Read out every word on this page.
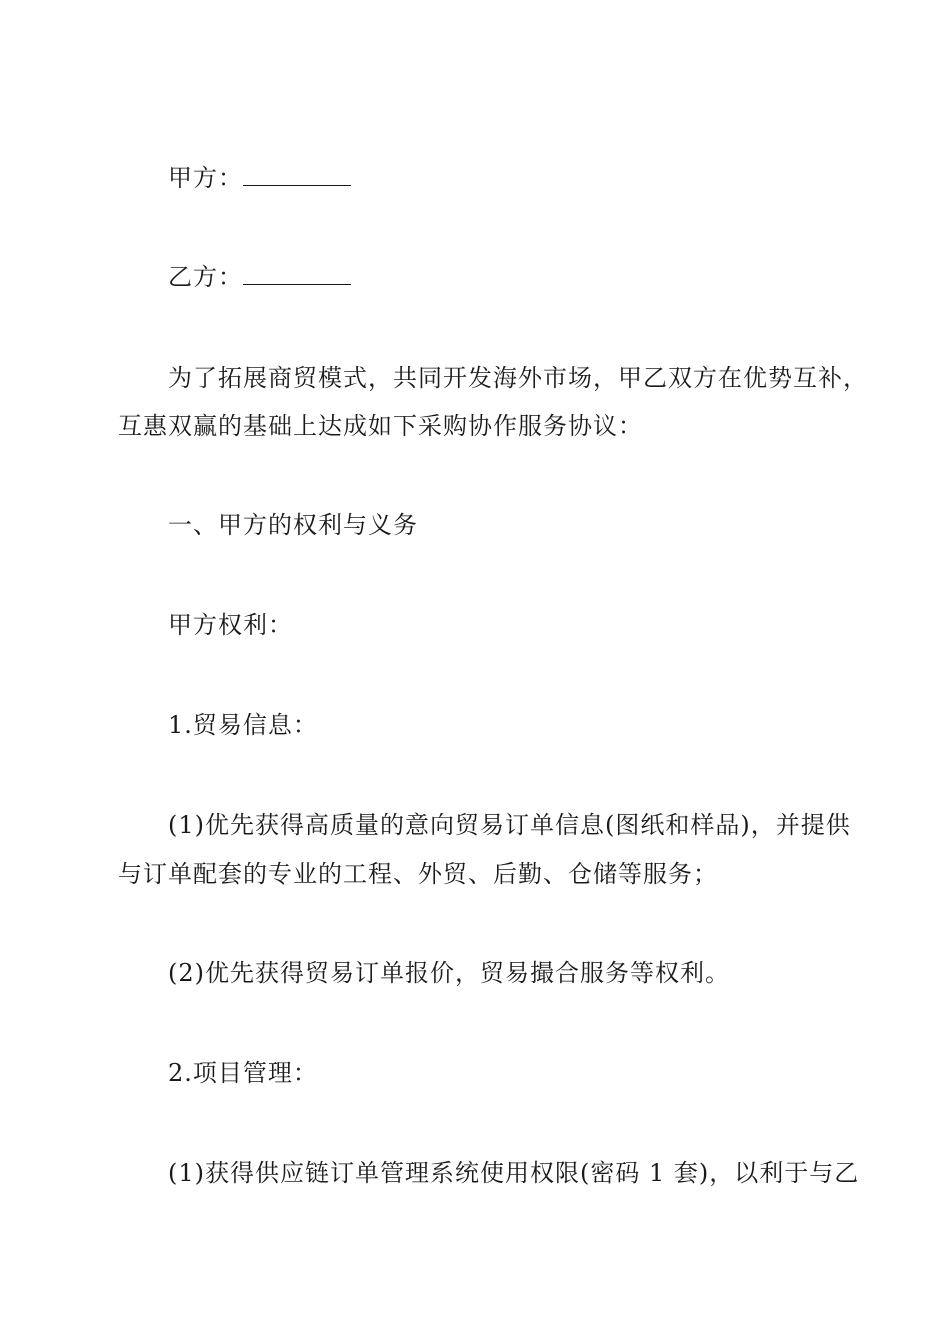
甲方：
乙方：
为了拓展商贸模式，共同开发海外市场，甲乙双方在优势互补，
互惠双赢的基础上达成如下采购协作服务协议：
一、甲方的权利与义务
甲方权利：
1.贸易信息：
(1)优先获得高质量的意向贸易订单信息(图纸和样品)，并提供
与订单配套的专业的工程、外贸、后勤、仓储等服务；
(2)优先获得贸易订单报价，贸易撮合服务等权利。
2.项目管理：
(1)获得供应链订单管理系统使用权限(密码 1 套)，以利于与乙
